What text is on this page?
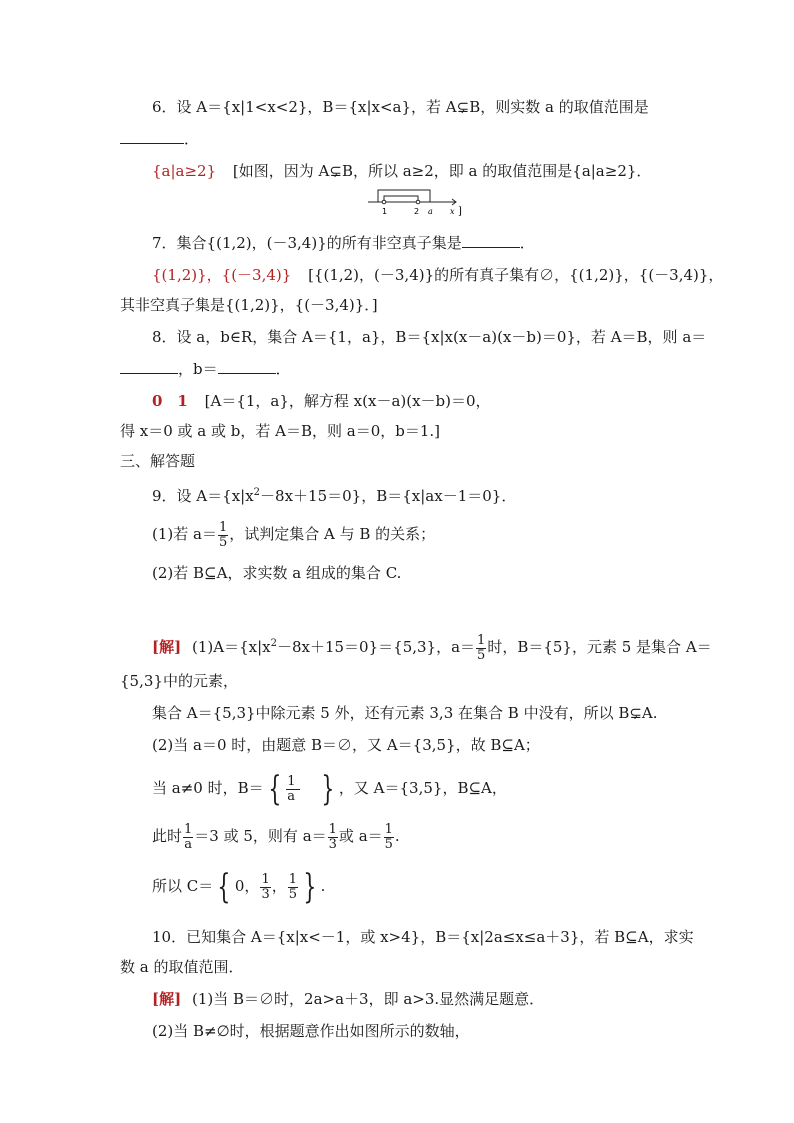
6．设 A＝{x|1<x<2}，B＝{x|x<a}，若 A⊊B，则实数 a 的取值范围是
．
{a|a≥2} [如图，因为 A⊊B，所以 a≥2，即 a 的取值范围是{a|a≥2}．
1	2 a x ]
7．集合{(1,2)，(－3,4)}的所有非空真子集是	．
{(1,2)}，{(－3,4)} [{(1,2)，(－3,4)}的所有真子集有∅，{(1,2)}，{(－3,4)}，
其非空真子集是{(1,2)}，{(－3,4)}．]
8．设 a，b∈R，集合 A＝{1，a}，B＝{x|x(x－a)(x－b)＝0}，若 A＝B，则 a＝
，b＝	．
0　1 [A＝{1，a}，解方程 x(x－a)(x－b)＝0，
得 x＝0 或 a 或 b，若 A＝B，则 a＝0，b＝1.]
三、解答题
9．设 $A=\{x|x^2-8x+15=0\}$，B＝{x|ax－1＝0}．
(1)若 $a= \frac{1}{5}$ ，试判定集合 A 与 B 的关系；
(2)若 B⊆A，求实数 a 组成的集合 C.
[解] $(1)A=\{x|x^2-8x+15=0\}=\{5,3\}$，$a= \frac{1}{5}$ 时，B＝{5}，元素 5 是集合 A＝
{5,3}中的元素，
集合 A＝{5,3}中除元素 5 外，还有元素 3,3 在集合 B 中没有，所以 B⊊A.
(2)当 a＝0 时，由题意 B＝∅，又 A＝{3,5}，故 B⊆A；
当 a≠0 时，B＝ { $\frac{1}{a}$ } ，又 A＝{3,5}，B⊆A，
此时 $\frac{1}{a} =3$ 或 5，则有 $a= \frac{1}{3}$ 或 $a= \frac{1}{5}$ .
所以 C＝ { 0， $\frac{1}{3}$ ， $\frac{1}{5}$ } .
10．已知集合 A＝{x|x<－1，或 x>4}，B＝{x|2a≤x≤a＋3}，若 B⊆A，求实
数 a 的取值范围．
[解] (1)当 B＝∅时，2a>a＋3，即 a>3.显然满足题意．
(2)当 B≠∅时，根据题意作出如图所示的数轴，
